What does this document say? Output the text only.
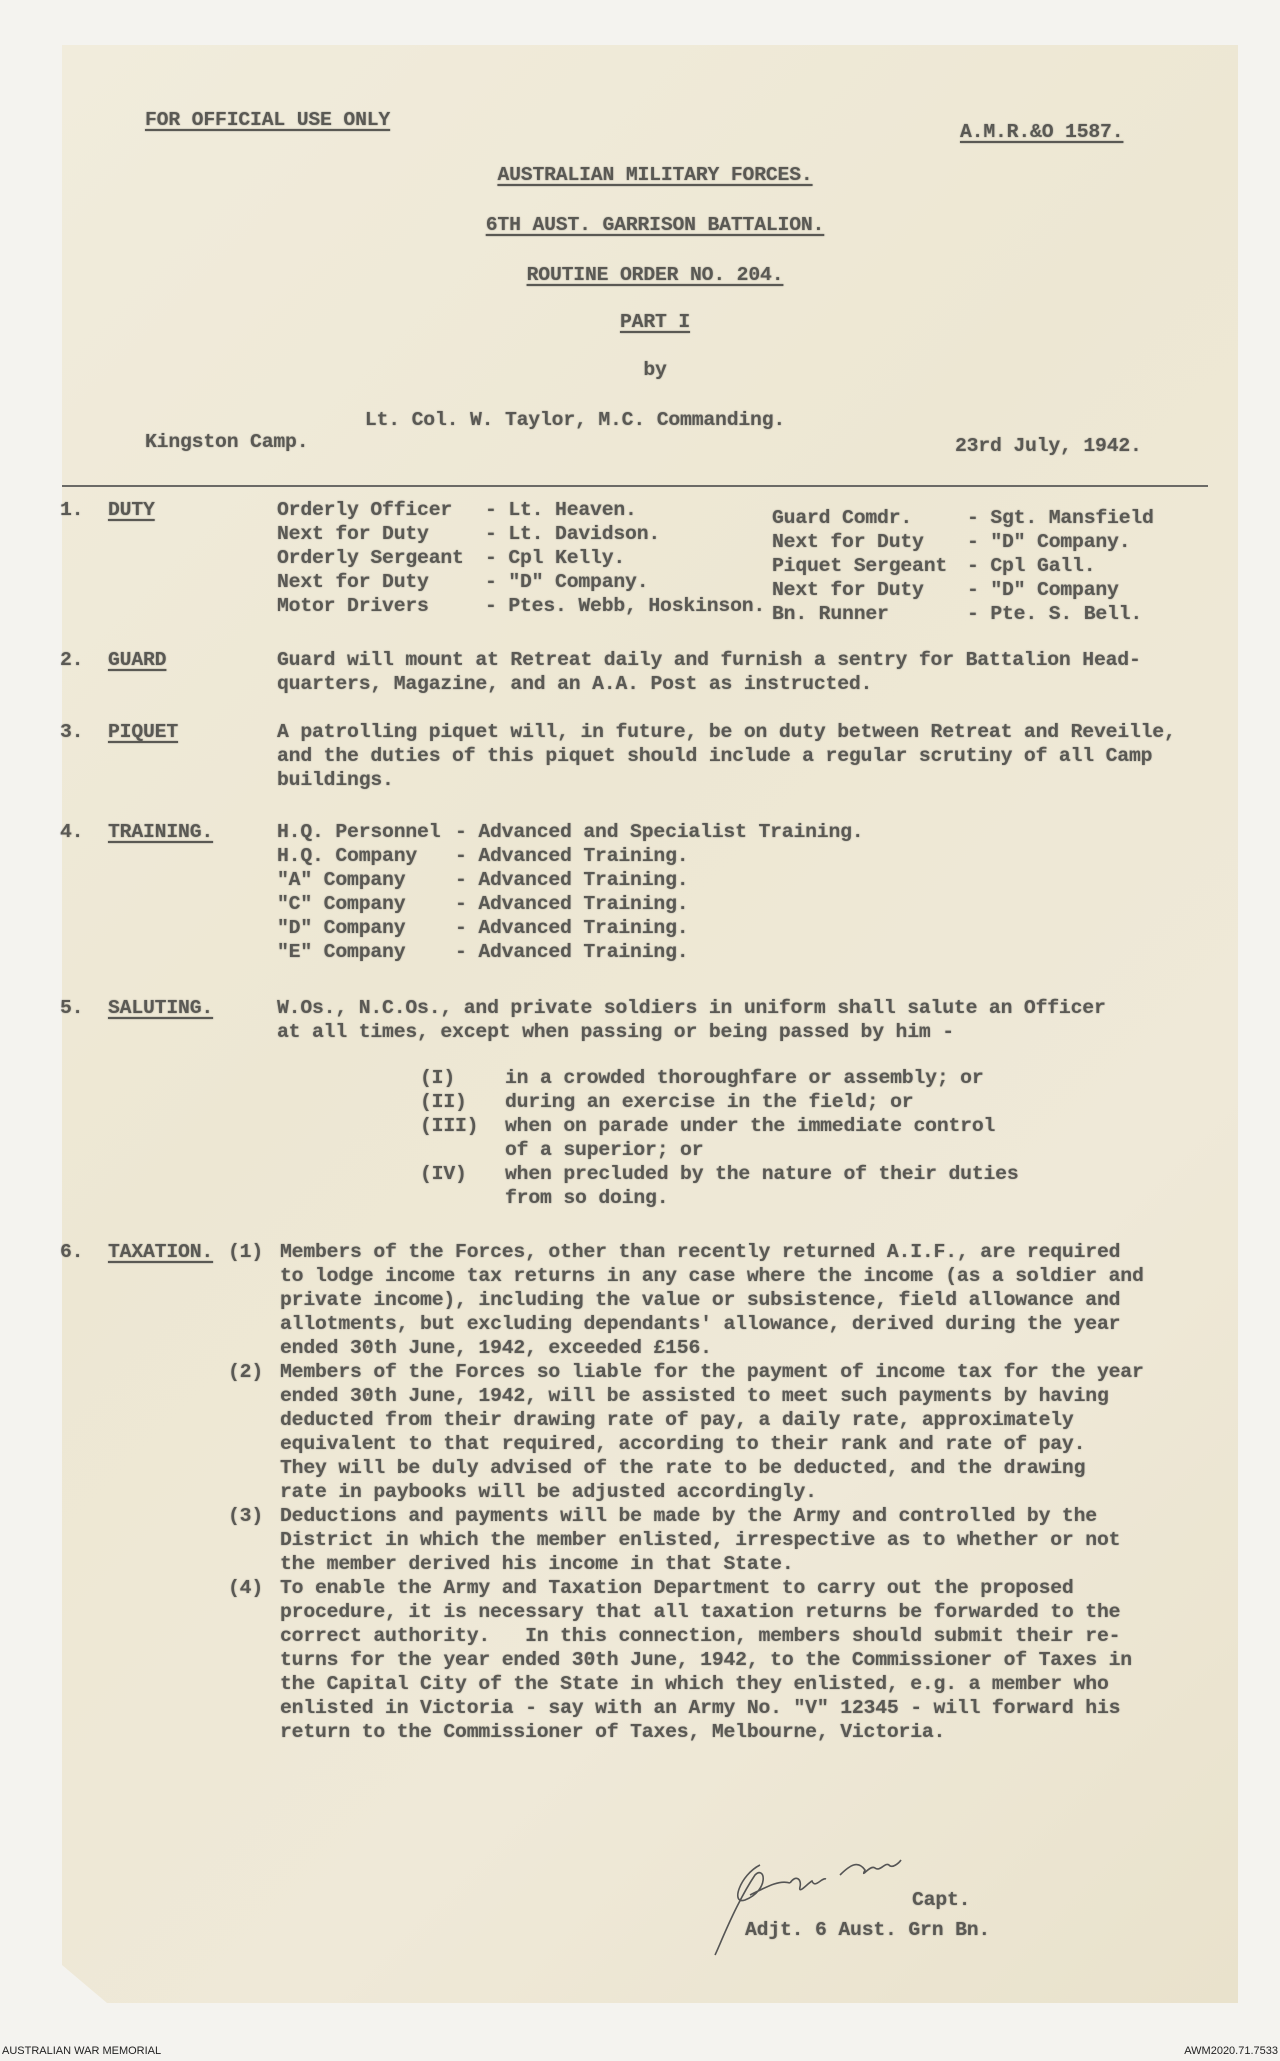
FOR OFFICIAL USE ONLY
A.M.R.&O 1587.
AUSTRALIAN MILITARY FORCES.
6TH AUST. GARRISON BATTALION.
ROUTINE ORDER NO. 204.
PART I
by
Lt. Col. W. Taylor, M.C. Commanding.
Kingston Camp.	23rd July, 1942.
1. DUTY	Orderly Officer - Lt. Heaven.
Next for Duty	- Lt. Davidson.
Orderly Sergeant - Cpl Kelly.
Next for Duty	- "D" Company.
Motor Drivers	- Ptes. Webb, Hoskinson.
Guard Comdr.	- Sgt. Mansfield
Next for Duty - "D" Company.
Piquet Sergeant - Cpl Gall.
Next for Duty - "D" Company
Bn. Runner	- Pte. S. Bell.
2. GUARD	Guard will mount at Retreat daily and furnish a sentry for Battalion Head-
quarters, Magazine, and an A.A. Post as instructed.
3. PIQUET	A patrolling piquet will, in future, be on duty between Retreat and Reveille,
and the duties of this piquet should include a regular scrutiny of all Camp
buildings.
4. TRAINING.	H.Q. Personnel - Advanced and Specialist Training.
H.Q. Company - Advanced Training.
"A" Company	- Advanced Training.
"C" Company	- Advanced Training.
"D" Company	- Advanced Training.
"E" Company	- Advanced Training.
5. SALUTING.	W.Os., N.C.Os., and private soldiers in uniform shall salute an Officer
at all times, except when passing or being passed by him -
(I)	in a crowded thoroughfare or assembly; or
(II) during an exercise in the field; or
(III) when on parade under the immediate control
of a superior; or
(IV) when precluded by the nature of their duties
from so doing.
6. TAXATION. (1) Members of the Forces, other than recently returned A.I.F., are required
to lodge income tax returns in any case where the income (as a soldier and
private income), including the value or subsistence, field allowance and
allotments, but excluding dependants' allowance, derived during the year
ended 30th June, 1942, exceeded £156.
(2) Members of the Forces so liable for the payment of income tax for the year
ended 30th June, 1942, will be assisted to meet such payments by having
deducted from their drawing rate of pay, a daily rate, approximately
equivalent to that required, according to their rank and rate of pay.
They will be duly advised of the rate to be deducted, and the drawing
rate in paybooks will be adjusted accordingly.
(3) Deductions and payments will be made by the Army and controlled by the
District in which the member enlisted, irrespective as to whether or not
the member derived his income in that State.
(4) To enable the Army and Taxation Department to carry out the proposed
procedure, it is necessary that all taxation returns be forwarded to the
correct authority.   In this connection, members should submit their re-
turns for the year ended 30th June, 1942, to the Commissioner of Taxes in
the Capital City of the State in which they enlisted, e.g. a member who
enlisted in Victoria - say with an Army No. "V" 12345 - will forward his
return to the Commissioner of Taxes, Melbourne, Victoria.
Capt.
Adjt. 6 Aust. Grn Bn.
AUSTRALIAN WAR MEMORIAL	AWM2020.71.7533
